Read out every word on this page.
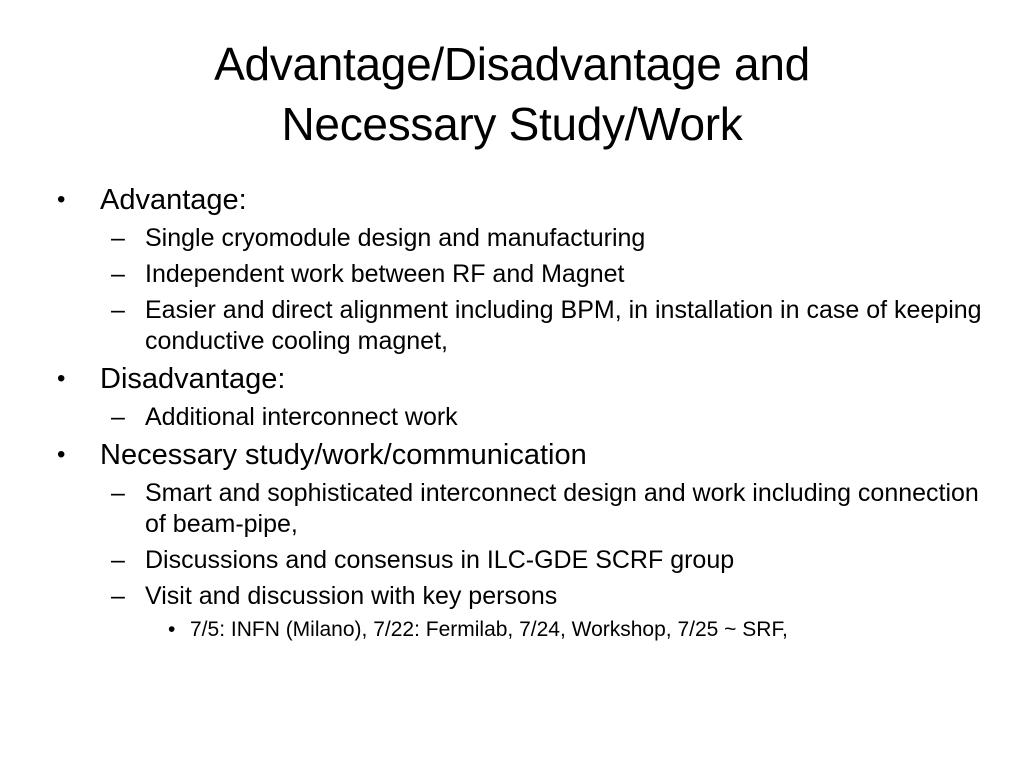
Advantage/Disadvantage and
Necessary Study/Work
• Advantage:
– Single cryomodule design and manufacturing
– Independent work between RF and Magnet
– Easier and direct alignment including BPM, in installation in case of keeping conductive cooling magnet,
• Disadvantage:
– Additional interconnect work
• Necessary study/work/communication
– Smart and sophisticated interconnect design and work including connection of beam-pipe,
– Discussions and consensus in ILC-GDE SCRF group
– Visit and discussion with key persons
• 7/5: INFN (Milano), 7/22: Fermilab, 7/24, Workshop, 7/25 ~ SRF,
